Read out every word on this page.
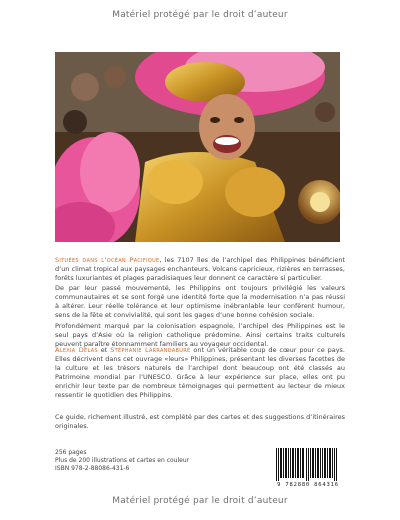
Matériel protégé par le droit d’auteur
Situées dans l’océan Pacifique, les 7107 îles de l’archipel des Philippines bénéficient d’un climat tropical aux paysages enchanteurs. Volcans capricieux, rizières en terrasses, forêts luxuriantes et plages paradisiaques leur donnent ce caractère si particulier.
De par leur passé mouvementé, les Philippins ont toujours privilégié les valeurs communautaires et se sont forgé une identité forte que la modernisation n’a pas réussi à altérer. Leur réelle tolérance et leur optimisme inébranlable leur confèrent humour, sens de la fête et convivialité, qui sont les gages d’une bonne cohésion sociale.
Profondément marqué par la colonisation espagnole, l’archipel des Philippines est le seul pays d’Asie où la religion catholique prédomine. Ainsi certains traits culturels peuvent paraître étonnamment familiers au voyageur occidental.
Alexia Délas et Stéphanie Larrandaburé ont un véritable coup de cœur pour ce pays. Elles décrivent dans cet ouvrage «leurs» Philippines, présentant les diverses facettes de la culture et les trésors naturels de l’archipel dont beaucoup ont été classés au Patrimoine mondial par l’UNESCO. Grâce à leur expérience sur place, elles ont pu enrichir leur texte par de nombreux témoignages qui permettent au lecteur de mieux ressentir le quotidien des Philippins.
Ce guide, richement illustré, est complété par des cartes et des suggestions d’itinéraires originales.
256 pages
Plus de 200 illustrations et cartes en couleur
ISBN 978-2-88086-431-6
9 782880 864316
Matériel protégé par le droit d’auteur
